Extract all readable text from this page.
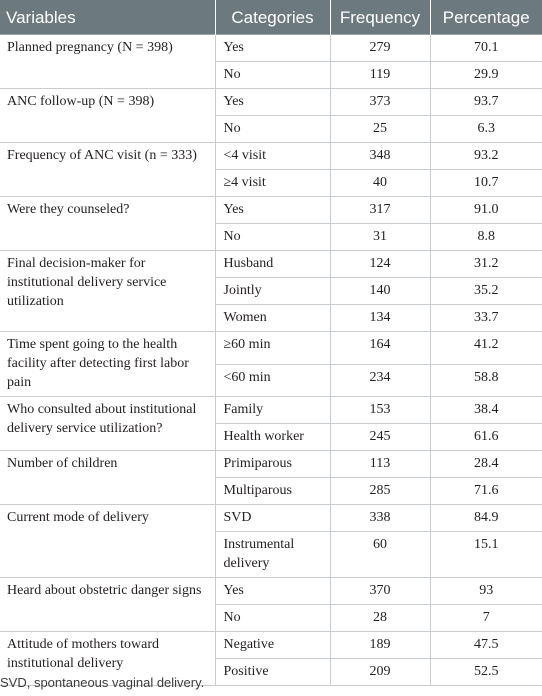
Variables	Categories	Frequency	Percentage
Planned pregnancy (N = 398)	Yes	279	70.1
	No	119	29.9
ANC follow-up (N = 398)	Yes	373	93.7
	No	25	6.3
Frequency of ANC visit (n = 333)	<4 visit	348	93.2
	≥4 visit	40	10.7
Were they counseled?	Yes	317	91.0
	No	31	8.8
Final decision-maker for institutional delivery service utilization	Husband	124	31.2
	Jointly	140	35.2
	Women	134	33.7
Time spent going to the health facility after detecting first labor pain	≥60 min	164	41.2
	<60 min	234	58.8
Who consulted about institutional delivery service utilization?	Family	153	38.4
	Health worker	245	61.6
Number of children	Primiparous	113	28.4
	Multiparous	285	71.6
Current mode of delivery	SVD	338	84.9
	Instrumental delivery	60	15.1
Heard about obstetric danger signs	Yes	370	93
	No	28	7
Attitude of mothers toward institutional delivery	Negative	189	47.5
	Positive	209	52.5
SVD, spontaneous vaginal delivery.
